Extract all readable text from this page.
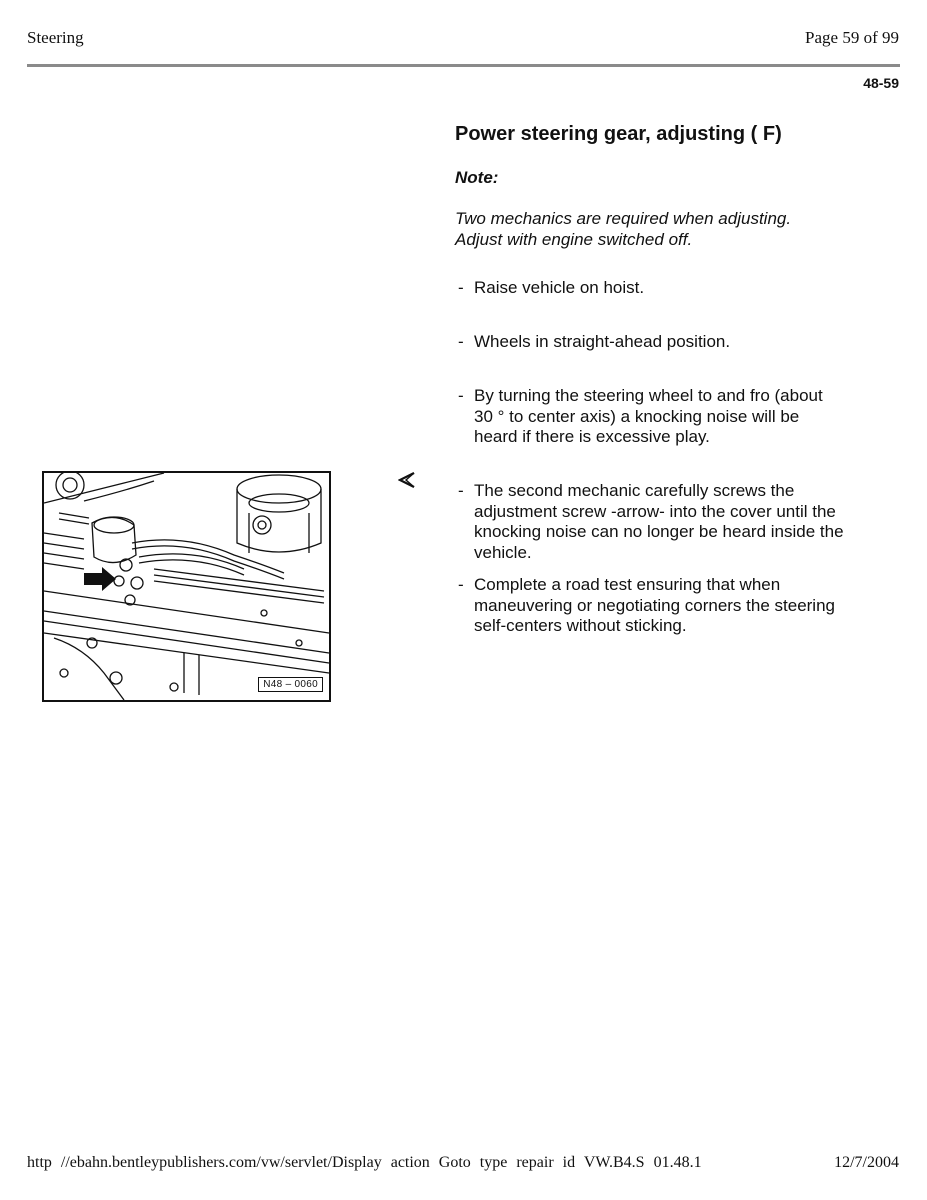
Steering	Page 59 of 99
48-59
Power steering gear, adjusting ( F)
Note:
Two mechanics are required when adjusting.
Adjust with engine switched off.
- Raise vehicle on hoist.
- Wheels in straight-ahead position.
- By turning the steering wheel to and fro (about
30 ° to center axis) a knocking noise will be
heard if there is excessive play.
- The second mechanic carefully screws the
adjustment screw -arrow- into the cover until the
knocking noise can no longer be heard inside the
vehicle.
- Complete a road test ensuring that when
maneuvering or negotiating corners the steering
self-centers without sticking.
N48 – 0060
http //ebahn.bentleypublishers.com/vw/servlet/Display action Goto type repair id VW.B4.S 01.48.1	12/7/2004
